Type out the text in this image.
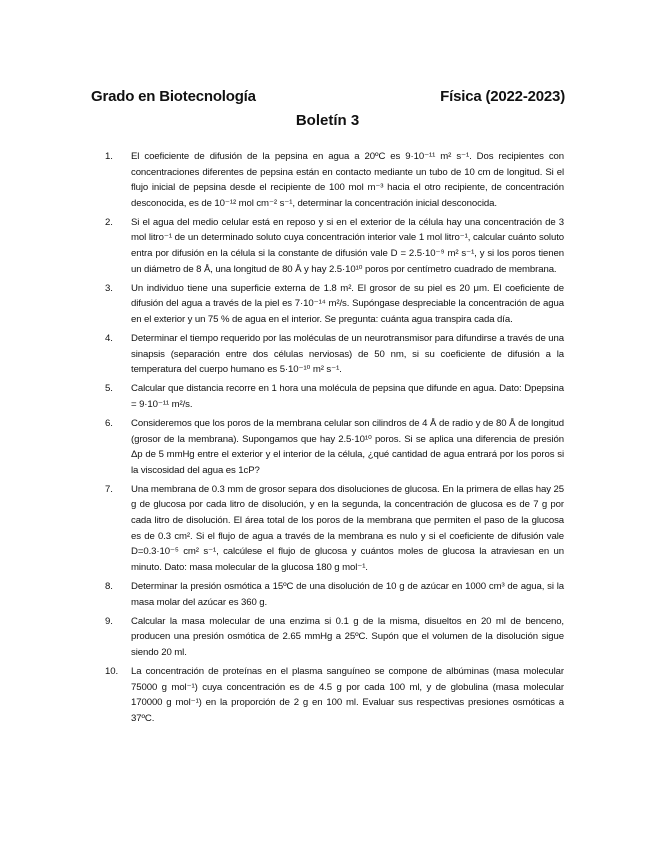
Grado en Biotecnología	Física (2022-2023)
Boletín 3
1.	El coeficiente de difusión de la pepsina en agua a 20ºC es 9·10⁻¹¹ m² s⁻¹. Dos recipientes con concentraciones diferentes de pepsina están en contacto mediante un tubo de 10 cm de longitud. Si el flujo inicial de pepsina desde el recipiente de 100 mol m⁻³ hacia el otro recipiente, de concentración desconocida, es de 10⁻¹² mol cm⁻² s⁻¹, determinar la concentración inicial desconocida.
2.	Si el agua del medio celular está en reposo y si en el exterior de la célula hay una concentración de 3 mol litro⁻¹ de un determinado soluto cuya concentración interior vale 1 mol litro⁻¹, calcular cuánto soluto entra por difusión en la célula si la constante de difusión vale D = 2.5·10⁻⁹ m² s⁻¹, y si los poros tienen un diámetro de 8 Å, una longitud de 80 Å y hay 2.5·10¹⁰ poros por centímetro cuadrado de membrana.
3.	Un individuo tiene una superficie externa de 1.8 m². El grosor de su piel es 20 μm. El coeficiente de difusión del agua a través de la piel es 7·10⁻¹⁴ m²/s. Supóngase despreciable la concentración de agua en el exterior y un 75 % de agua en el interior. Se pregunta: cuánta agua transpira cada día.
4.	Determinar el tiempo requerido por las moléculas de un neurotransmisor para difundirse a través de una sinapsis (separación entre dos células nerviosas) de 50 nm, si su coeficiente de difusión a la temperatura del cuerpo humano es 5·10⁻¹⁰ m² s⁻¹.
5.	Calcular que distancia recorre en 1 hora una molécula de pepsina que difunde en agua. Dato: Dpepsina = 9·10⁻¹¹ m²/s.
6.	Consideremos que los poros de la membrana celular son cilindros de 4 Å de radio y de 80 Å de longitud (grosor de la membrana). Supongamos que hay 2.5·10¹⁰ poros. Si se aplica una diferencia de presión Δp de 5 mmHg entre el exterior y el interior de la célula, ¿qué cantidad de agua entrará por los poros si la viscosidad del agua es 1cP?
7.	Una membrana de 0.3 mm de grosor separa dos disoluciones de glucosa. En la primera de ellas hay 25 g de glucosa por cada litro de disolución, y en la segunda, la concentración de glucosa es de 7 g por cada litro de disolución. El área total de los poros de la membrana que permiten el paso de la glucosa es de 0.3 cm². Si el flujo de agua a través de la membrana es nulo y si el coeficiente de difusión vale D=0.3·10⁻⁵ cm² s⁻¹, calcúlese el flujo de glucosa y cuántos moles de glucosa la atraviesan en un minuto. Dato: masa molecular de la glucosa 180 g mol⁻¹.
8.	Determinar la presión osmótica a 15ºC de una disolución de 10 g de azúcar en 1000 cm³ de agua, si la masa molar del azúcar es 360 g.
9.	Calcular la masa molecular de una enzima si 0.1 g de la misma, disueltos en 20 ml de benceno, producen una presión osmótica de 2.65 mmHg a 25ºC. Supón que el volumen de la disolución sigue siendo 20 ml.
10.	La concentración de proteínas en el plasma sanguíneo se compone de albúminas (masa molecular 75000 g mol⁻¹) cuya concentración es de 4.5 g por cada 100 ml, y de globulina (masa molecular 170000 g mol⁻¹) en la proporción de 2 g en 100 ml. Evaluar sus respectivas presiones osmóticas a 37ºC.
